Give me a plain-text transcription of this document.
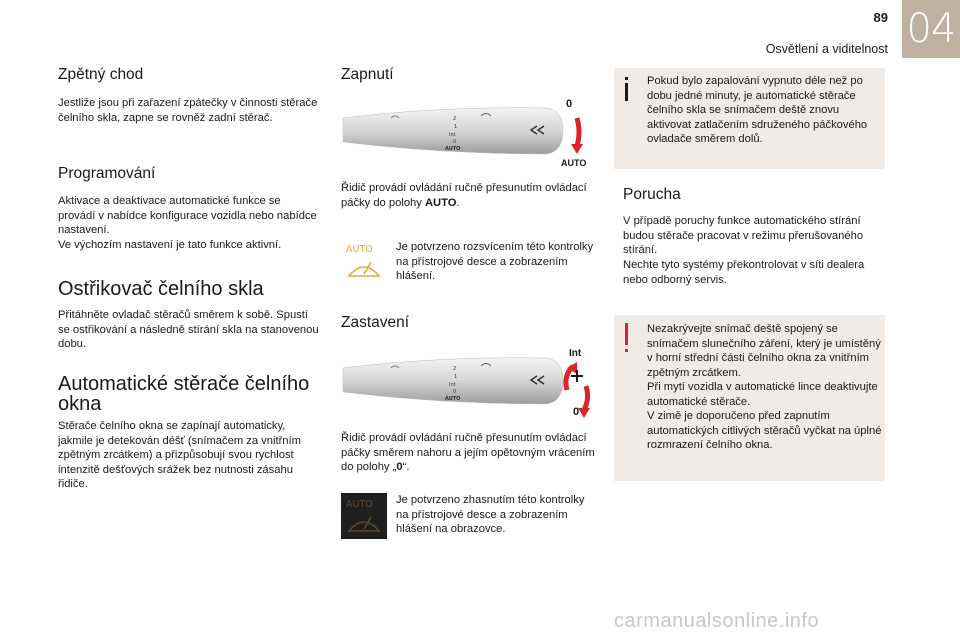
89
Osvětlení a viditelnost 04
Zpětný chod

Jestliže jsou při zařazení zpátečky v činnosti stěrače čelního skla, zapne se rovněž zadní stěrač.

Programování

Aktivace a deaktivace automatické funkce se provádí v nabídce konfigurace vozidla nebo nabídce nastavení.

Ve výchozím nastavení je tato funkce aktivní.

Ostřikovač čelního skla

Přitáhněte ovladač stěračů směrem k sobě. Spustí se ostřikování a následně stírání skla na stanovenou dobu.

Automatické stěrače čelního
okna

Stěrače čelního okna se zapínají automaticky, jakmile je detekován déšť (snímačem za vnitřním zpětným zrcátkem) a přizpůsobují svou rychlost intenzitě dešťových srážek bez nutnosti zásahu řidiče.

Zapnutí
2
1
Int
0
AUTO
0
AUTO

Řidič provádí ovládání ručně přesunutím ovládací páčky do polohy AUTO.

AUTO Je potvrzeno rozsvícením této kontrolky na přístrojové desce a zobrazením hlášení.

Zastavení
2
1
Int
0
AUTO
Int
0

Řidič provádí ovládání ručně přesunutím ovládací páčky směrem nahoru a jejím opětovným vrácením do polohy „0“.

AUTO Je potvrzeno zhasnutím této kontrolky na přístrojové desce a zobrazením hlášení na obrazovce.

Pokud bylo zapalování vypnuto déle než po dobu jedné minuty, je automatické stěrače čelního skla se snímačem deště znovu aktivovat zatlačením sdruženého páčkového ovladače směrem dolů.

Porucha

V případě poruchy funkce automatického stírání budou stěrače pracovat v režimu přerušovaného stírání.

Nechte tyto systémy překontrolovat v síti dealera nebo odborný servis.

Nezakrývejte snímač deště spojený se snímačem slunečního záření, který je umístěný v horní střední části čelního okna za vnitřním zpětným zrcátkem.

Při mytí vozidla v automatické lince deaktivujte automatické stěrače.

V zimě je doporučeno před zapnutím automatických citlivých stěračů vyčkat na úplné rozmrazení čelního okna.

carmanualsonline.info
